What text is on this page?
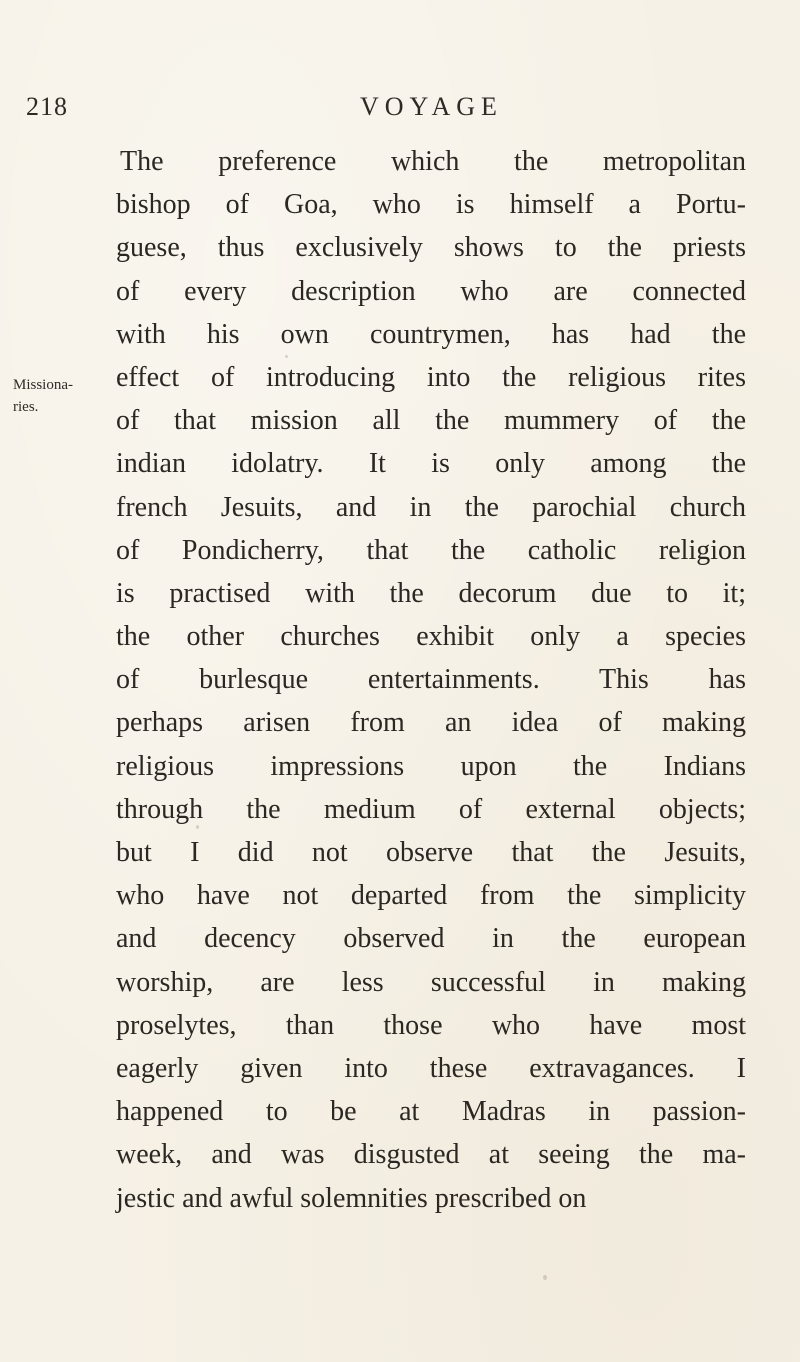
218	VOYAGE
Missiona-
ries.
The preference which the metropolitan
bishop of Goa, who is himself a Portu-
guese, thus exclusively shows to the priests
of every description who are connected
with his own countrymen, has had the
effect of introducing into the religious rites
of that mission all the mummery of the
indian idolatry. It is only among the
french Jesuits, and in the parochial church
of Pondicherry, that the catholic religion
is practised with the decorum due to it;
the other churches exhibit only a species
of burlesque entertainments. This has
perhaps arisen from an idea of making
religious impressions upon the Indians
through the medium of external objects;
but I did not observe that the Jesuits,
who have not departed from the simplicity
and decency observed in the european
worship, are less successful in making
proselytes, than those who have most
eagerly given into these extravagances. I
happened to be at Madras in passion-
week, and was disgusted at seeing the ma-
jestic and awful solemnities prescribed on
